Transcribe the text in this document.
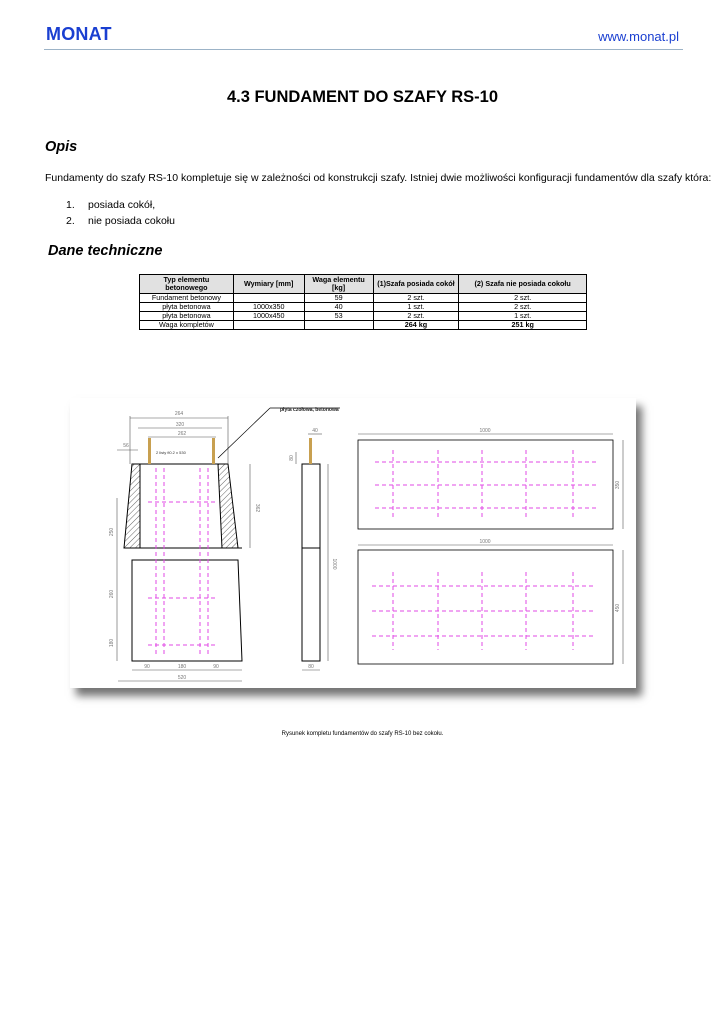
MONAT	www.monat.pl
4.3 FUNDAMENT DO SZAFY RS-10
Opis
Fundamenty do szafy RS-10 kompletuje się w zależności od konstrukcji szafy. Istniej dwie możliwości konfiguracji fundamentów dla szafy która:
1. posiada cokół,
2. nie posiada cokołu
Dane techniczne
Typ elementu betonowego	Wymiary [mm]	Waga elementu [kg]	(1)Szafa posiada cokół	(2) Szafa nie posiada cokołu
Fundament betonowy		59	2 szt.	2 szt.
płyta betonowa	1000x350	40	1 szt.	2 szt.
płyta betonowa	1000x450	53	2 szt.	1 szt.
Waga kompletów			264 kg	251 kg
264
320
262
56
362
250
260
180
90	180	90
520
2 listy fi0.2 x 530
płyta czołowa, betonowa
40
80
1000
80
1000
350
1000
450
Rysunek kompletu fundamentów do szafy RS-10 bez cokołu.
